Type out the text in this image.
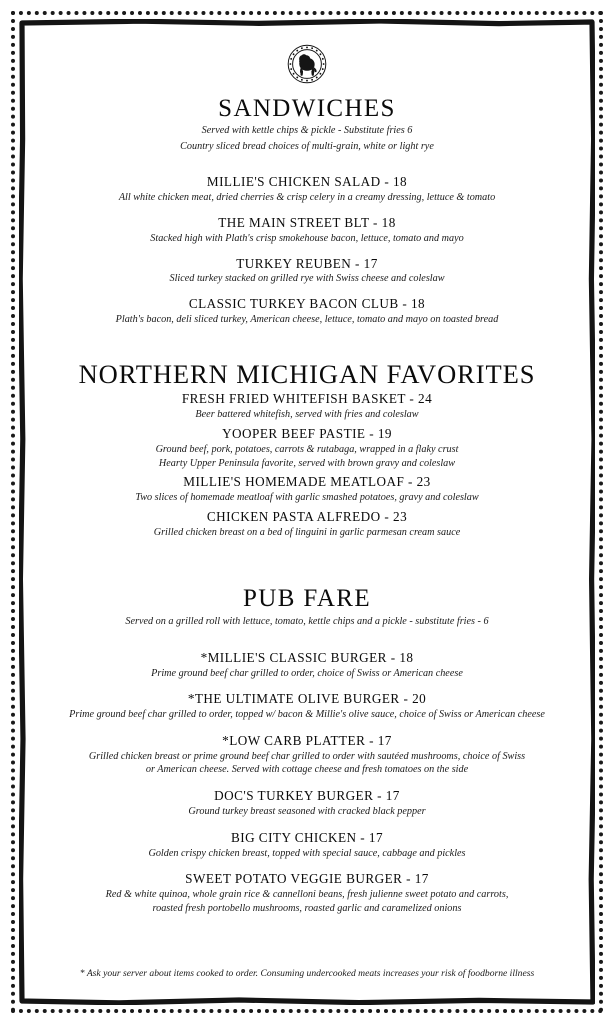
SANDWICHES

Served with kettle chips & pickle - Substitute fries 6

Country sliced bread choices of multi-grain, white or light rye

MILLIE'S CHICKEN SALAD - 18

All white chicken meat, dried cherries & crisp celery in a creamy dressing, lettuce & tomato

THE MAIN STREET BLT - 18

Stacked high with Plath's crisp smokehouse bacon, lettuce, tomato and mayo

TURKEY REUBEN - 17

Sliced turkey stacked on grilled rye with Swiss cheese and coleslaw

CLASSIC TURKEY BACON CLUB - 18

Plath's bacon, deli sliced turkey, American cheese, lettuce, tomato and mayo on toasted bread

NORTHERN MICHIGAN FAVORITES

FRESH FRIED WHITEFISH BASKET - 24

Beer battered whitefish, served with fries and coleslaw

YOOPER BEEF PASTIE - 19

Ground beef, pork, potatoes, carrots & rutabaga, wrapped in a flaky crust

Hearty Upper Peninsula favorite, served with brown gravy and coleslaw

MILLIE'S HOMEMADE MEATLOAF - 23

Two slices of homemade meatloaf with garlic smashed potatoes, gravy and coleslaw

CHICKEN PASTA ALFREDO - 23

Grilled chicken breast on a bed of linguini in garlic parmesan cream sauce

PUB FARE

Served on a grilled roll with lettuce, tomato, kettle chips and a pickle - substitute fries - 6

*MILLIE'S CLASSIC BURGER - 18

Prime ground beef char grilled to order, choice of Swiss or American cheese

*THE ULTIMATE OLIVE BURGER - 20

Prime ground beef char grilled to order, topped w/ bacon & Millie's olive sauce, choice of Swiss or American cheese

*LOW CARB PLATTER - 17

Grilled chicken breast or prime ground beef char grilled to order with sautéed mushrooms, choice of Swiss

or American cheese. Served with cottage cheese and fresh tomatoes on the side

DOC'S TURKEY BURGER - 17

Ground turkey breast seasoned with cracked black pepper

BIG CITY CHICKEN - 17

Golden crispy chicken breast, topped with special sauce, cabbage and pickles

SWEET POTATO VEGGIE BURGER - 17

Red & white quinoa, whole grain rice & cannelloni beans, fresh julienne sweet potato and carrots,

roasted fresh portobello mushrooms, roasted garlic and caramelized onions

* Ask your server about items cooked to order. Consuming undercooked meats increases your risk of foodborne illness
